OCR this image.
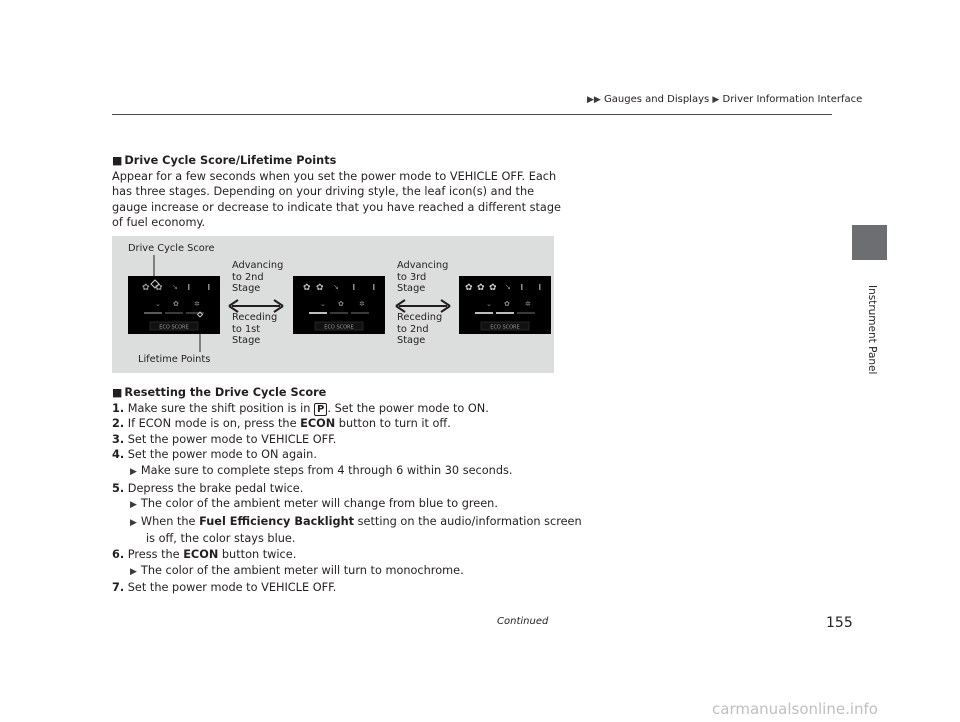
▶▶ Gauges and Displays ▶ Driver Information Interface
Instrument Panel
■ Drive Cycle Score/Lifetime Points

Appear for a few seconds when you set the power mode to VEHICLE OFF. Each has three stages. Depending on your driving style, the leaf icon(s) and the gauge increase or decrease to indicate that you have reached a different stage of fuel economy.

Drive Cycle Score
Lifetime Points
✿ ✿ ↘
⌄ ✿ ✲
ECO SCORE
Advancing
to 2nd
Stage
Receding
to 1st
Stage
✿ ✿ ↘
⌄ ✿ ✲
ECO SCORE
Advancing
to 3rd
Stage
Receding
to 2nd
Stage
✿ ✿ ✿ ↘
⌄ ✿ ✲
ECO SCORE
■ Resetting the Drive Cycle Score
1. Make sure the shift position is in P . Set the power mode to ON.
2. If ECON mode is on, press the ECON button to turn it off.
3. Set the power mode to VEHICLE OFF.
4. Set the power mode to ON again.
▶ Make sure to complete steps from 4 through 6 within 30 seconds.
5. Depress the brake pedal twice.
▶ The color of the ambient meter will change from blue to green.
▶ When the Fuel Efficiency Backlight setting on the audio/information screen
is off, the color stays blue.
6. Press the ECON button twice.
▶ The color of the ambient meter will turn to monochrome.
7. Set the power mode to VEHICLE OFF.
Continued	155
carmanualsonline.info
